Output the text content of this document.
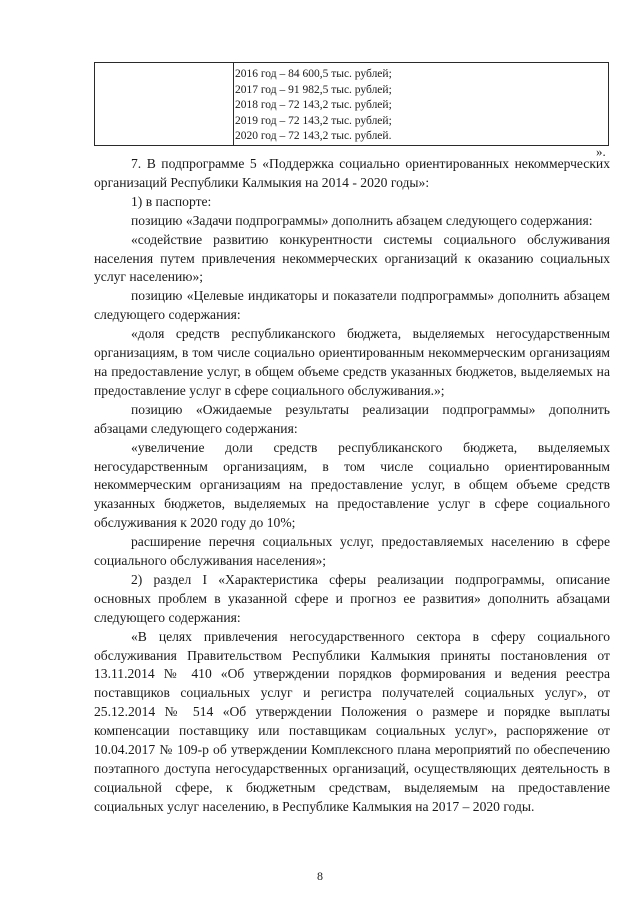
2016 год – 84 600,5 тыс. рублей;
2017 год – 91 982,5 тыс. рублей;
2018 год – 72 143,2 тыс. рублей;
2019 год – 72 143,2 тыс. рублей;
2020 год – 72 143,2 тыс. рублей.
».

7. В подпрограмме 5 «Поддержка социально ориентированных некоммерческих организаций Республики Калмыкия на 2014 - 2020 годы»:

1) в паспорте:

позицию «Задачи подпрограммы» дополнить абзацем следующего содержания:

«содействие развитию конкурентности системы социального обслуживания населения путем привлечения некоммерческих организаций к оказанию социальных услуг населению»;

позицию «Целевые индикаторы и показатели подпрограммы» дополнить абзацем следующего содержания:

«доля средств республиканского бюджета, выделяемых негосударственным организациям, в том числе социально ориентированным некоммерческим организациям на предоставление услуг, в общем объеме средств указанных бюджетов, выделяемых на предоставление услуг в сфере социального обслуживания.»;

позицию «Ожидаемые результаты реализации подпрограммы» дополнить абзацами следующего содержания:

«увеличение доли средств республиканского бюджета, выделяемых негосударственным организациям, в том числе социально ориентированным некоммерческим организациям на предоставление услуг, в общем объеме средств указанных бюджетов, выделяемых на предоставление услуг в сфере социального обслуживания к 2020 году до 10%;

расширение перечня социальных услуг, предоставляемых населению в сфере социального обслуживания населения»;

2) раздел I «Характеристика сферы реализации подпрограммы, описание основных проблем в указанной сфере и прогноз ее развития» дополнить абзацами следующего содержания:

«В целях привлечения негосударственного сектора в сферу социального обслуживания Правительством Республики Калмыкия приняты постановления от 13.11.2014 № 410 «Об утверждении порядков формирования и ведения реестра поставщиков социальных услуг и регистра получателей социальных услуг», от 25.12.2014 № 514 «Об утверждении Положения о размере и порядке выплаты компенсации поставщику или поставщикам социальных услуг», распоряжение от 10.04.2017 № 109-р об утверждении Комплексного плана мероприятий по обеспечению поэтапного доступа негосударственных организаций, осуществляющих деятельность в социальной сфере, к бюджетным средствам, выделяемым на предоставление социальных услуг населению, в Республике Калмыкия на 2017 – 2020 годы.

8
